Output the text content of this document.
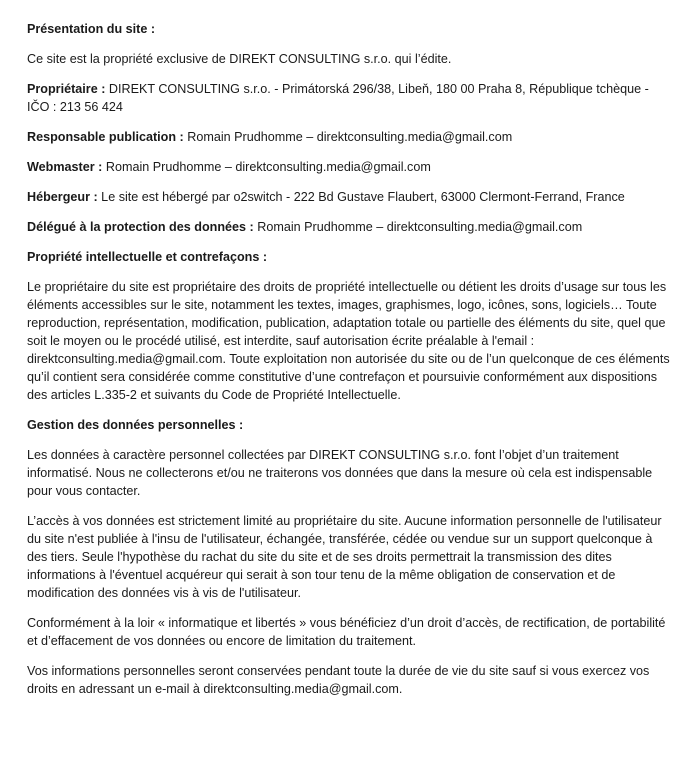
Présentation du site :

Ce site est la propriété exclusive de DIREKT CONSULTING s.r.o. qui l’édite.

Propriétaire : DIREKT CONSULTING s.r.o. - Primátorská 296/38, Libeň, 180 00 Praha 8, République tchèque - IČO : 213 56 424

Responsable publication : Romain Prudhomme – direktconsulting.media@gmail.com

Webmaster : Romain Prudhomme – direktconsulting.media@gmail.com

Hébergeur : Le site est hébergé par o2switch - 222 Bd Gustave Flaubert, 63000 Clermont-Ferrand, France

Délégué à la protection des données : Romain Prudhomme – direktconsulting.media@gmail.com

Propriété intellectuelle et contrefaçons :

Le propriétaire du site est propriétaire des droits de propriété intellectuelle ou détient les droits d’usage sur tous les éléments accessibles sur le site, notamment les textes, images, graphismes, logo, icônes, sons, logiciels… Toute reproduction, représentation, modification, publication, adaptation totale ou partielle des éléments du site, quel que soit le moyen ou le procédé utilisé, est interdite, sauf autorisation écrite préalable à l'email : direktconsulting.media@gmail.com. Toute exploitation non autorisée du site ou de l’un quelconque de ces éléments qu’il contient sera considérée comme constitutive d’une contrefaçon et poursuivie conformément aux dispositions des articles L.335-2 et suivants du Code de Propriété Intellectuelle.

Gestion des données personnelles :

Les données à caractère personnel collectées par DIREKT CONSULTING s.r.o. font l’objet d’un traitement informatisé. Nous ne collecterons et/ou ne traiterons vos données que dans la mesure où cela est indispensable pour vous contacter.

L’accès à vos données est strictement limité au propriétaire du site. Aucune information personnelle de l'utilisateur du site n'est publiée à l'insu de l'utilisateur, échangée, transférée, cédée ou vendue sur un support quelconque à des tiers. Seule l'hypothèse du rachat du site du site et de ses droits permettrait la transmission des dites informations à l'éventuel acquéreur qui serait à son tour tenu de la même obligation de conservation et de modification des données vis à vis de l'utilisateur.

Conformément à la loir « informatique et libertés » vous bénéficiez d’un droit d’accès, de rectification, de portabilité et d’effacement de vos données ou encore de limitation du traitement.

Vos informations personnelles seront conservées pendant toute la durée de vie du site sauf si vous exercez vos droits en adressant un e-mail à direktconsulting.media@gmail.com.
